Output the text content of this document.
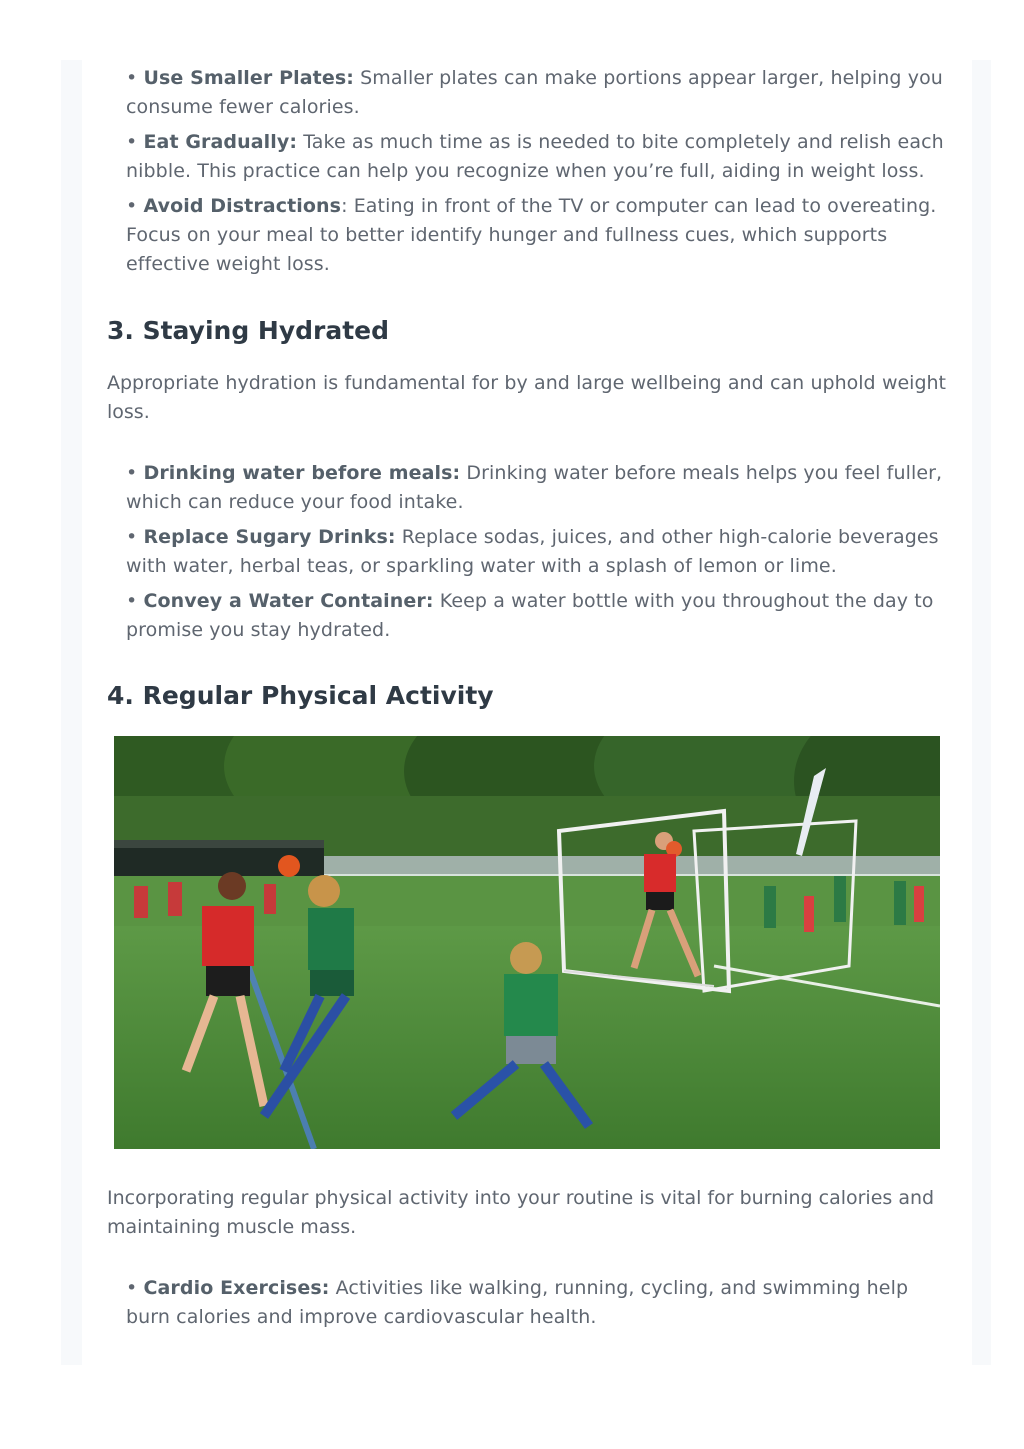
• Use Smaller Plates: Smaller plates can make portions appear larger, helping you consume fewer calories.
• Eat Gradually: Take as much time as is needed to bite completely and relish each nibble. This practice can help you recognize when you’re full, aiding in weight loss.
• Avoid Distractions: Eating in front of the TV or computer can lead to overeating. Focus on your meal to better identify hunger and fullness cues, which supports effective weight loss.
3. Staying Hydrated

Appropriate hydration is fundamental for by and large wellbeing and can uphold weight loss.

• Drinking water before meals: Drinking water before meals helps you feel fuller, which can reduce your food intake.
• Replace Sugary Drinks: Replace sodas, juices, and other high-calorie beverages with water, herbal teas, or sparkling water with a splash of lemon or lime.
• Convey a Water Container: Keep a water bottle with you throughout the day to promise you stay hydrated.
4. Regular Physical Activity

Incorporating regular physical activity into your routine is vital for burning calories and maintaining muscle mass.

• Cardio Exercises: Activities like walking, running, cycling, and swimming help burn calories and improve cardiovascular health.
